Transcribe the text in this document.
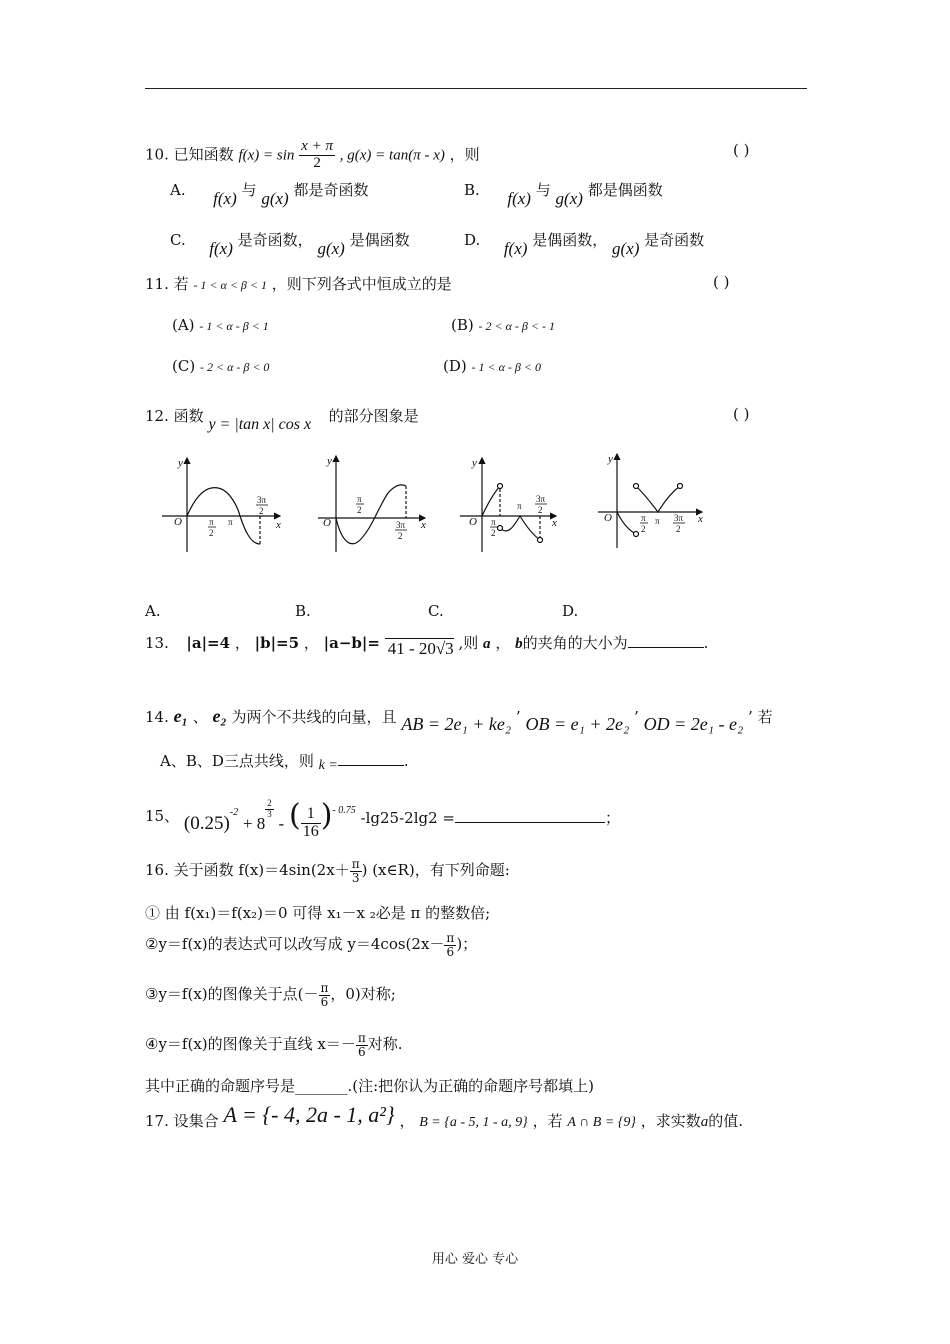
10. 已知函数 $f(x) = \sin \frac{x + \pi}{2}$ , g(x) = tan(π - x) ，则	( )
A. f(x) 与 g(x) 都是奇函数	B. f(x) 与 g(x) 都是偶函数
C. f(x) 是奇函数， g(x) 是偶函数	D. f(x) 是偶函数， g(x) 是奇函数
11. 若 - 1 < α < β < 1 ，则下列各式中恒成立的是	( )
(A) - 1 < α - β < 1	(B) - 2 < α - β < - 1
(C) - 2 < α - β < 0	(D) - 1 < α - β < 0
12. 函数 y = |tan x| cos x 的部分图象是	( )
y
x
O	π
2
π
3π
2
y
x
O
π
2
3π
2
y
x
O π
2
π
3π
2
y
x
O	π
2
π 3π
2
A.	B.	C.	D.
13. |a|=4 ， |b|=5 ， |a−b|= 41 - 20√3 ,则 a ， b的夹角的大小为	.
14. e₁ 、 e₂ 为两个不共线的向量，且 AB = 2e₁ + ke₂ ’ OB = e₁ + 2e₂ ’ OD = 2e₁ - e₂ ’ 若
A、B、D三点共线，则 k =	.
15、 (0.25)-2 + 8
$\frac{2}{3}$
- ( $\frac{1}{16}$ )- 0.75 -lg25-2lg2 =	；
16. 关于函数 $f(x)=4\sin(2x+ \frac{\pi}{3}$ ) (x∈R)，有下列命题:
① 由 f(x₁)＝f(x₂)＝0 可得 x₁－x ₂必是 π 的整数倍;
②y＝f(x)的表达式可以改写成 $y=4\cos(2x- \frac{\pi}{6}$ )；
③y＝f(x)的图像关于点(－ $\frac{\pi}{6}$ ，0)对称;
④y＝f(x)的图像关于直线 $x=- \frac{\pi}{6}$ 对称.
其中正确的命题序号是_______.(注:把你认为正确的命题序号都填上)
17. 设集合 A = {- 4, 2a - 1, a²} ， B = {a - 5, 1 - a, 9} ，若 A ∩ B = {9} ，求实数a的值.
用心 爱心 专心
